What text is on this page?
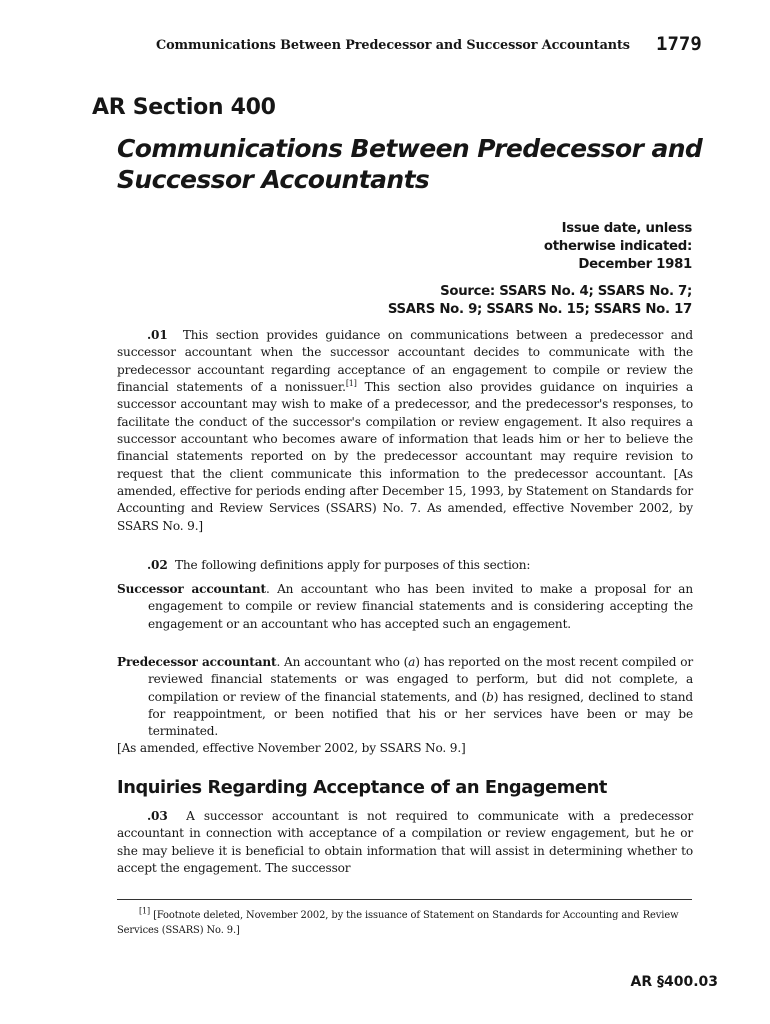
Communications Between Predecessor and Successor Accountants	1779
AR Section 400
Communications Between Predecessor and
Successor Accountants
Issue date, unless
otherwise indicated:
December 1981
Source: SSARS No. 4; SSARS No. 7;
SSARS No. 9; SSARS No. 15; SSARS No. 17

.01 This section provides guidance on communications between a predecessor and successor accountant when the successor accountant decides to communicate with the predecessor accountant regarding acceptance of an engagement to compile or review the financial statements of a nonissuer.[1] This section also provides guidance on inquiries a successor accountant may wish to make of a predecessor, and the predecessor's responses, to facilitate the conduct of the successor's compilation or review engagement. It also requires a successor accountant who becomes aware of information that leads him or her to believe the financial statements reported on by the predecessor accountant may require revision to request that the client communicate this information to the predecessor accountant. [As amended, effective for periods ending after December 15, 1993, by Statement on Standards for Accounting and Review Services (SSARS) No. 7. As amended, effective November 2002, by SSARS No. 9.]

.02 The following definitions apply for purposes of this section:

Successor accountant. An accountant who has been invited to make a proposal for an engagement to compile or review financial statements and is considering accepting the engagement or an accountant who has accepted such an engagement.

Predecessor accountant. An accountant who (a) has reported on the most recent compiled or reviewed financial statements or was engaged to perform, but did not complete, a compilation or review of the financial statements, and (b) has resigned, declined to stand for reappointment, or been notified that his or her services have been or may be terminated.

[As amended, effective November 2002, by SSARS No. 9.]

Inquiries Regarding Acceptance of an Engagement

.03 A successor accountant is not required to communicate with a predecessor accountant in connection with acceptance of a compilation or review engagement, but he or she may believe it is beneficial to obtain information that will assist in determining whether to accept the engagement. The successor

[1] [Footnote deleted, November 2002, by the issuance of Statement on Standards for Accounting and Review Services (SSARS) No. 9.]

AR §400.03
